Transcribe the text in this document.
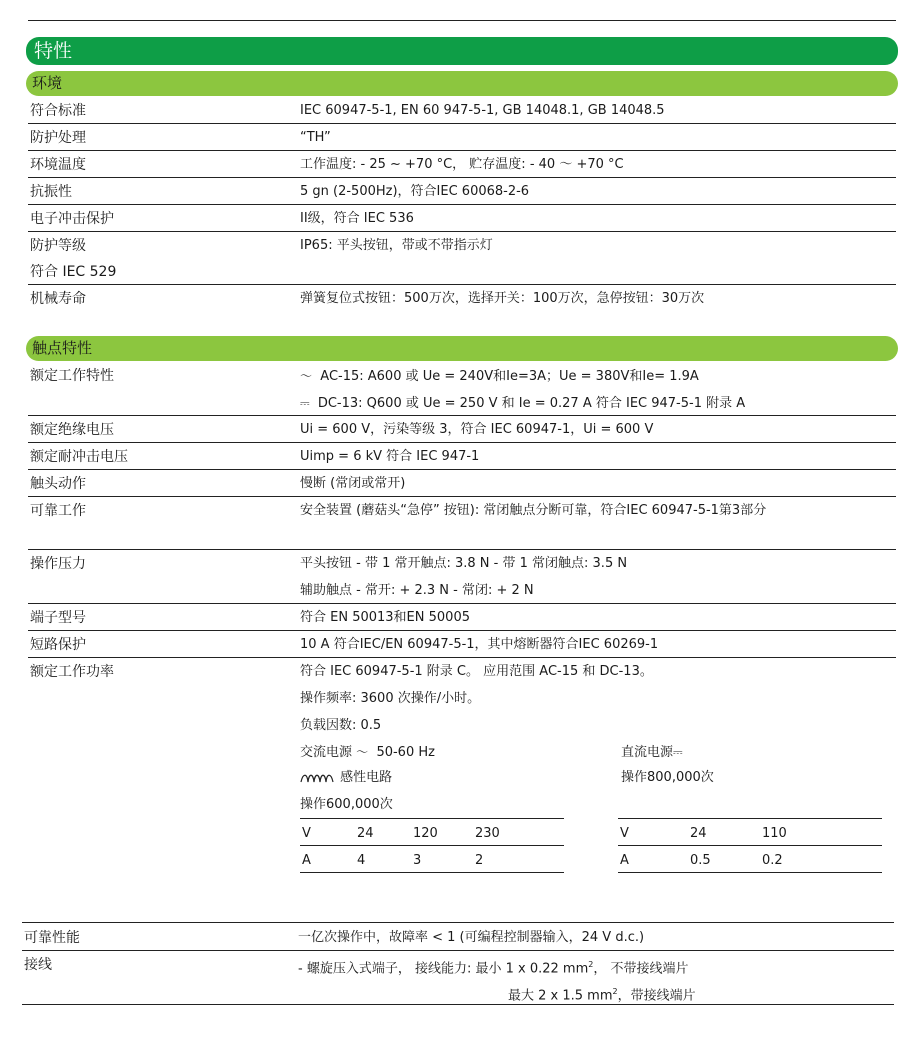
特性
环境
符合标准	IEC 60947-5-1, EN 60 947-5-1, GB 14048.1, GB 14048.5
防护处理	“TH”
环境温度	工作温度: - 25 ~ +70 °C， 贮存温度: - 40 ～ +70 °C
抗振性	5 gn (2-500Hz)，符合IEC 60068-2-6
电子冲击保护	II级，符合 IEC 536
防护等级	IP65: 平头按钮，带或不带指示灯
符合 IEC 529
机械寿命	弹簧复位式按钮：500万次，选择开关：100万次，急停按钮：30万次
触点特性
额定工作特性	〜 AC-15: A600 或 Ue = 240V和Ie=3A；Ue = 380V和Ie= 1.9A
⎓ DC-13: Q600 或 Ue = 250 V 和 Ie = 0.27 A 符合 IEC 947-5-1 附录 A
额定绝缘电压	Ui = 600 V，污染等级 3，符合 IEC 60947-1，Ui = 600 V
额定耐冲击电压	Uimp = 6 kV 符合 IEC 947-1
触头动作	慢断 (常闭或常开)
可靠工作	安全装置 (蘑菇头“急停” 按钮): 常闭触点分断可靠，符合IEC 60947-5-1第3部分
操作压力	平头按钮 - 带 1 常开触点: 3.8 N - 带 1 常闭触点: 3.5 N
辅助触点 - 常开: + 2.3 N - 常闭: + 2 N
端子型号	符合 EN 50013和EN 50005
短路保护	10 A 符合IEC/EN 60947-5-1，其中熔断器符合IEC 60269-1
额定工作功率	符合 IEC 60947-5-1 附录 C。 应用范围 AC-15 和 DC-13。
操作频率: 3600 次操作/小时。
负载因数: 0.5
交流电源 〜 50-60 Hz
感性电路
操作600,000次
直流电源⎓
操作800,000次
V	24	120	230
A	4	3	2
V	24	110
A	0.5	0.2
可靠性能	一亿次操作中，故障率 < 1 (可编程控制器输入，24 V d.c.)
接线	- 螺旋压入式端子， 接线能力: 最小 1 x 0.22 $mm^2$， 不带接线端片
最大 2 x 1.5 $mm^2$，带接线端片
